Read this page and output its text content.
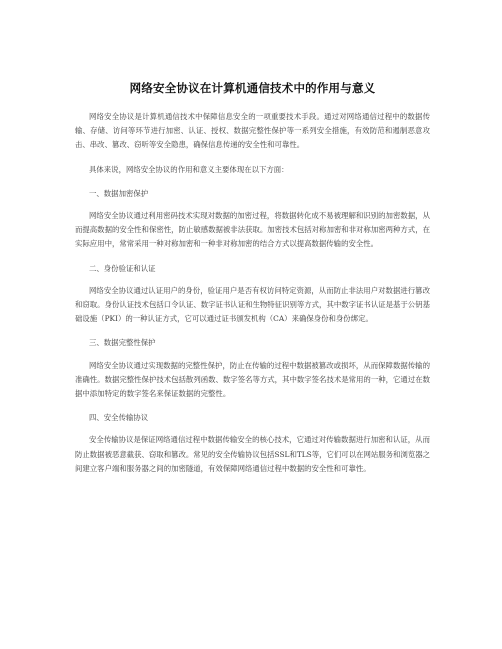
网络安全协议在计算机通信技术中的作用与意义

网络安全协议是计算机通信技术中保障信息安全的一项重要技术手段。通过对网络通信过程中的数据传输、存储、访问等环节进行加密、认证、授权、数据完整性保护等一系列安全措施，有效防范和遏制恶意攻击、串改、篡改、窃听等安全隐患，确保信息传递的安全性和可靠性。

具体来说，网络安全协议的作用和意义主要体现在以下方面：

一、数据加密保护

网络安全协议通过利用密码技术实现对数据的加密过程，将数据转化成不易被理解和识别的加密数据，从而提高数据的安全性和保密性，防止敏感数据被非法获取。加密技术包括对称加密和非对称加密两种方式，在实际应用中，常常采用一种对称加密和一种非对称加密的结合方式以提高数据传输的安全性。

二、身份验证和认证

网络安全协议通过认证用户的身份，验证用户是否有权访问特定资源，从而防止非法用户对数据进行篡改和窃取。身份认证技术包括口令认证、数字证书认证和生物特征识别等方式，其中数字证书认证是基于公钥基础设施（PKI）的一种认证方式，它可以通过证书颁发机构（CA）来确保身份和身份绑定。

三、数据完整性保护

网络安全协议通过实现数据的完整性保护，防止在传输的过程中数据被篡改或损坏，从而保障数据传输的准确性。数据完整性保护技术包括散列函数、数字签名等方式，其中数字签名技术是常用的一种，它通过在数据中添加特定的数字签名来保证数据的完整性。

四、安全传输协议

安全传输协议是保证网络通信过程中数据传输安全的核心技术，它通过对传输数据进行加密和认证，从而防止数据被恶意截获、窃取和篡改。常见的安全传输协议包括SSL和TLS等，它们可以在网站服务和浏览器之间建立客户端和服务器之间的加密隧道，有效保障网络通信过程中数据的安全性和可靠性。
